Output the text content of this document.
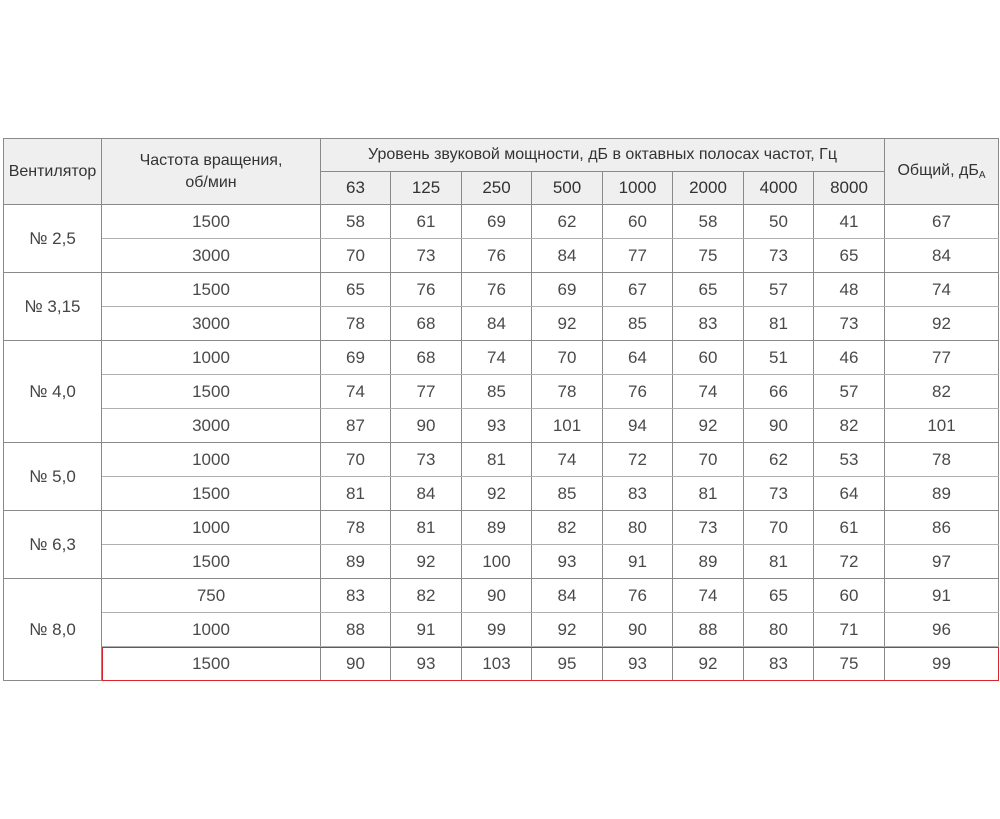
Вентилятор	Частота вращения, об/мин	Уровень звуковой мощности, дБ в октавных полосах частот, Гц								Общий, $дБ_А$
		63	125	250	500	1000	2000	4000	8000	
№ 2,5	1500	58	61	69	62	60	58	50	41	67
	3000	70	73	76	84	77	75	73	65	84
№ 3,15	1500	65	76	76	69	67	65	57	48	74
	3000	78	68	84	92	85	83	81	73	92
№ 4,0	1000	69	68	74	70	64	60	51	46	77
	1500	74	77	85	78	76	74	66	57	82
	3000	87	90	93	101	94	92	90	82	101
№ 5,0	1000	70	73	81	74	72	70	62	53	78
	1500	81	84	92	85	83	81	73	64	89
№ 6,3	1000	78	81	89	82	80	73	70	61	86
	1500	89	92	100	93	91	89	81	72	97
№ 8,0	750	83	82	90	84	76	74	65	60	91
	1000	88	91	99	92	90	88	80	71	96
	1500	90	93	103	95	93	92	83	75	99
